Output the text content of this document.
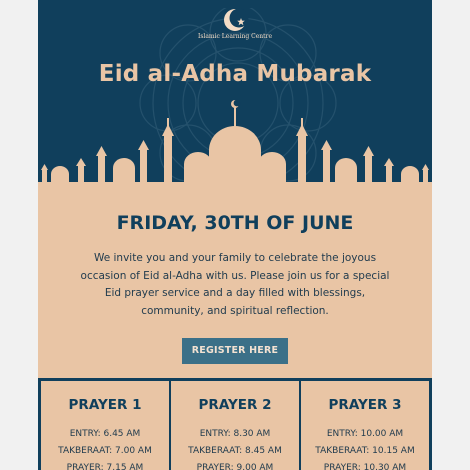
Islamic Learning Centre
Eid al-Adha Mubarak
FRIDAY, 30TH OF JUNE
We invite you and your family to celebrate the joyous occasion of Eid al-Adha with us. Please join us for a special Eid prayer service and a day filled with blessings, community, and spiritual reflection.
REGISTER HERE
PRAYER 1
ENTRY: 6.45 AM
TAKBERAAT: 7.00 AM
PRAYER: 7.15 AM
PRAYER 2
ENTRY: 8.30 AM
TAKBERAAT: 8.45 AM
PRAYER: 9.00 AM
PRAYER 3
ENTRY: 10.00 AM
TAKBERAAT: 10.15 AM
PRAYER: 10.30 AM
